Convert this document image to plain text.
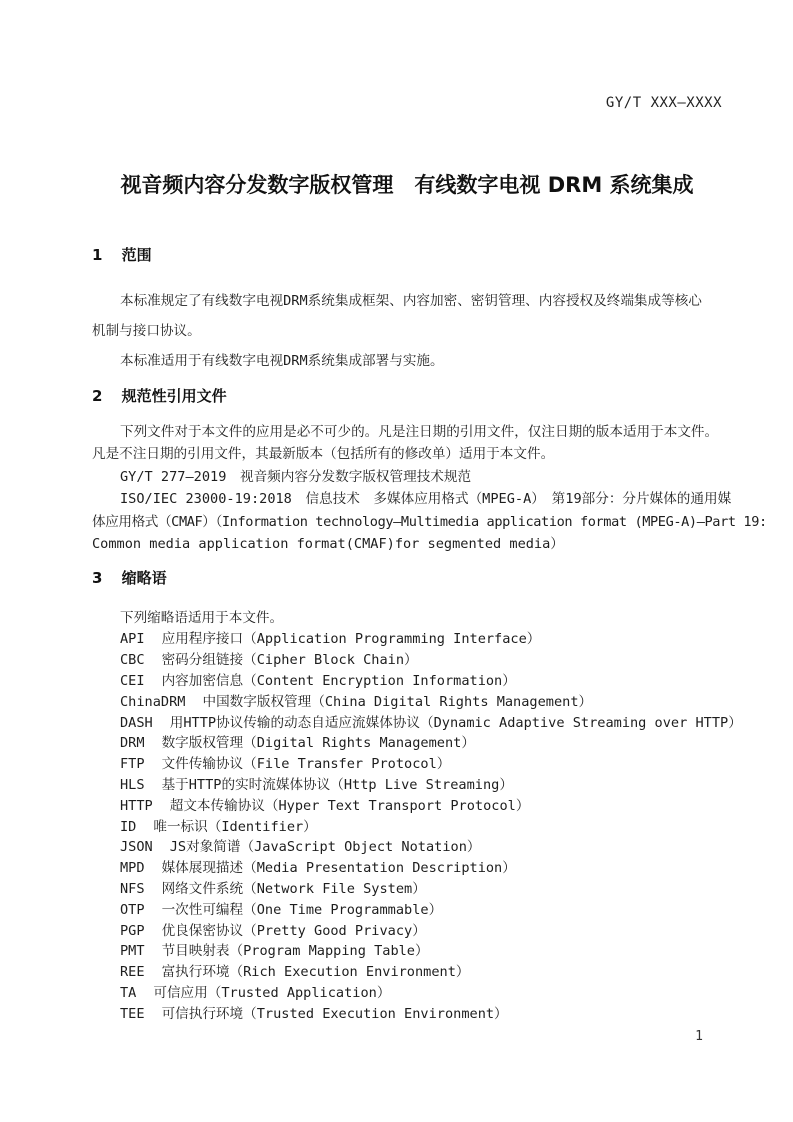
GY/T XXX—XXXX
视音频内容分发数字版权管理　有线数字电视 DRM 系统集成
1 范围
本标准规定了有线数字电视DRM系统集成框架、内容加密、密钥管理、内容授权及终端集成等核心
机制与接口协议。
本标准适用于有线数字电视DRM系统集成部署与实施。
2 规范性引用文件
下列文件对于本文件的应用是必不可少的。凡是注日期的引用文件，仅注日期的版本适用于本文件。
凡是不注日期的引用文件，其最新版本（包括所有的修改单）适用于本文件。
GY/T 277—2019　视音频内容分发数字版权管理技术规范
ISO/IEC 23000-19:2018　信息技术　多媒体应用格式（MPEG-A）　第19部分：分片媒体的通用媒
体应用格式（CMAF）（Information technology—Multimedia application format (MPEG-A)—Part 19:
Common media application format(CMAF)for segmented media）
3 缩略语
下列缩略语适用于本文件。
API 应用程序接口（Application Programming Interface）
CBC 密码分组链接（Cipher Block Chain）
CEI 内容加密信息（Content Encryption Information）
ChinaDRM 中国数字版权管理（China Digital Rights Management）
DASH 用HTTP协议传输的动态自适应流媒体协议（Dynamic Adaptive Streaming over HTTP）
DRM 数字版权管理（Digital Rights Management）
FTP 文件传输协议（File Transfer Protocol）
HLS 基于HTTP的实时流媒体协议（Http Live Streaming）
HTTP 超文本传输协议（Hyper Text Transport Protocol）
ID 唯一标识（Identifier）
JSON JS对象简谱（JavaScript Object Notation）
MPD 媒体展现描述（Media Presentation Description）
NFS 网络文件系统（Network File System）
OTP 一次性可编程（One Time Programmable）
PGP 优良保密协议（Pretty Good Privacy）
PMT 节目映射表（Program Mapping Table）
REE 富执行环境（Rich Execution Environment）
TA 可信应用（Trusted Application）
TEE 可信执行环境（Trusted Execution Environment）
1
